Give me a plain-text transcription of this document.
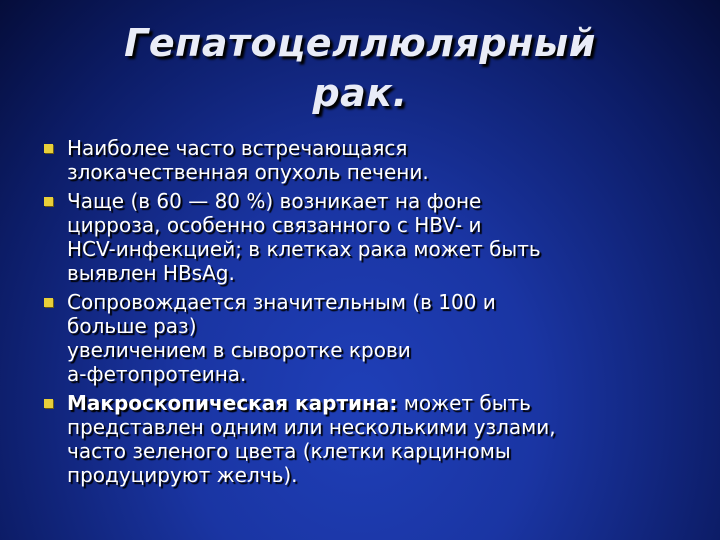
Гепатоцеллюлярный
рак.
Наиболее часто встречающаяся
злокачественная опухоль печени.
Чаще (в 60 — 80 %) возникает на фоне
цирроза, особенно связанного с HBV- и
HCV-инфекцией; в клетках рака может быть
выявлен HBsAg.
Сопровождается значительным (в 100 и
больше раз)
увеличением в сыворотке крови
а-фетопротеина.
Макроскопическая картина: может быть
представлен одним или несколькими узлами,
часто зеленого цвета (клетки карциномы
продуцируют желчь).
